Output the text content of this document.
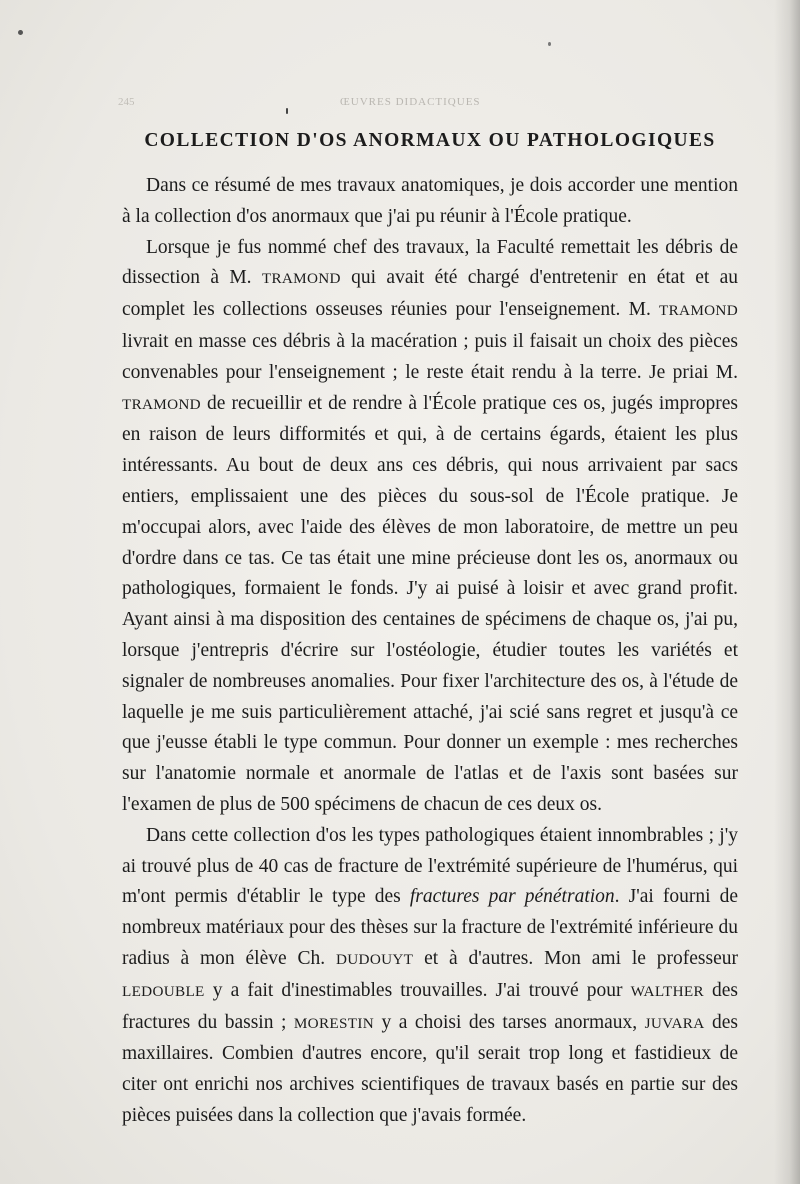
245	ŒUVRES DIDACTIQUES
COLLECTION D'OS ANORMAUX OU PATHOLOGIQUES

Dans ce résumé de mes travaux anatomiques, je dois accorder une mention à la collection d'os anormaux que j'ai pu réunir à l'École pratique.

Lorsque je fus nommé chef des travaux, la Faculté remettait les débris de dissection à M. TRAMOND qui avait été chargé d'entretenir en état et au complet les collections osseuses réunies pour l'enseignement. M. TRAMOND livrait en masse ces débris à la macération ; puis il faisait un choix des pièces convenables pour l'enseignement ; le reste était rendu à la terre. Je priai M. TRAMOND de recueillir et de rendre à l'École pratique ces os, jugés impropres en raison de leurs difformités et qui, à de certains égards, étaient les plus intéressants. Au bout de deux ans ces débris, qui nous arrivaient par sacs entiers, emplissaient une des pièces du sous-sol de l'École pratique. Je m'occupai alors, avec l'aide des élèves de mon laboratoire, de mettre un peu d'ordre dans ce tas. Ce tas était une mine précieuse dont les os, anormaux ou pathologiques, formaient le fonds. J'y ai puisé à loisir et avec grand profit. Ayant ainsi à ma disposition des centaines de spécimens de chaque os, j'ai pu, lorsque j'entrepris d'écrire sur l'ostéologie, étudier toutes les variétés et signaler de nombreuses anomalies. Pour fixer l'architecture des os, à l'étude de laquelle je me suis particulièrement attaché, j'ai scié sans regret et jusqu'à ce que j'eusse établi le type commun. Pour donner un exemple : mes recherches sur l'anatomie normale et anormale de l'atlas et de l'axis sont basées sur l'examen de plus de 500 spécimens de chacun de ces deux os.

Dans cette collection d'os les types pathologiques étaient innombrables ; j'y ai trouvé plus de 40 cas de fracture de l'extrémité supérieure de l'humérus, qui m'ont permis d'établir le type des fractures par pénétration. J'ai fourni de nombreux matériaux pour des thèses sur la fracture de l'extrémité inférieure du radius à mon élève Ch. DUDOUYT et à d'autres. Mon ami le professeur LEDOUBLE y a fait d'inestimables trouvailles. J'ai trouvé pour WALTHER des fractures du bassin ; MORESTIN y a choisi des tarses anormaux, JUVARA des maxillaires. Combien d'autres encore, qu'il serait trop long et fastidieux de citer ont enrichi nos archives scientifiques de travaux basés en partie sur des pièces puisées dans la collection que j'avais formée.
